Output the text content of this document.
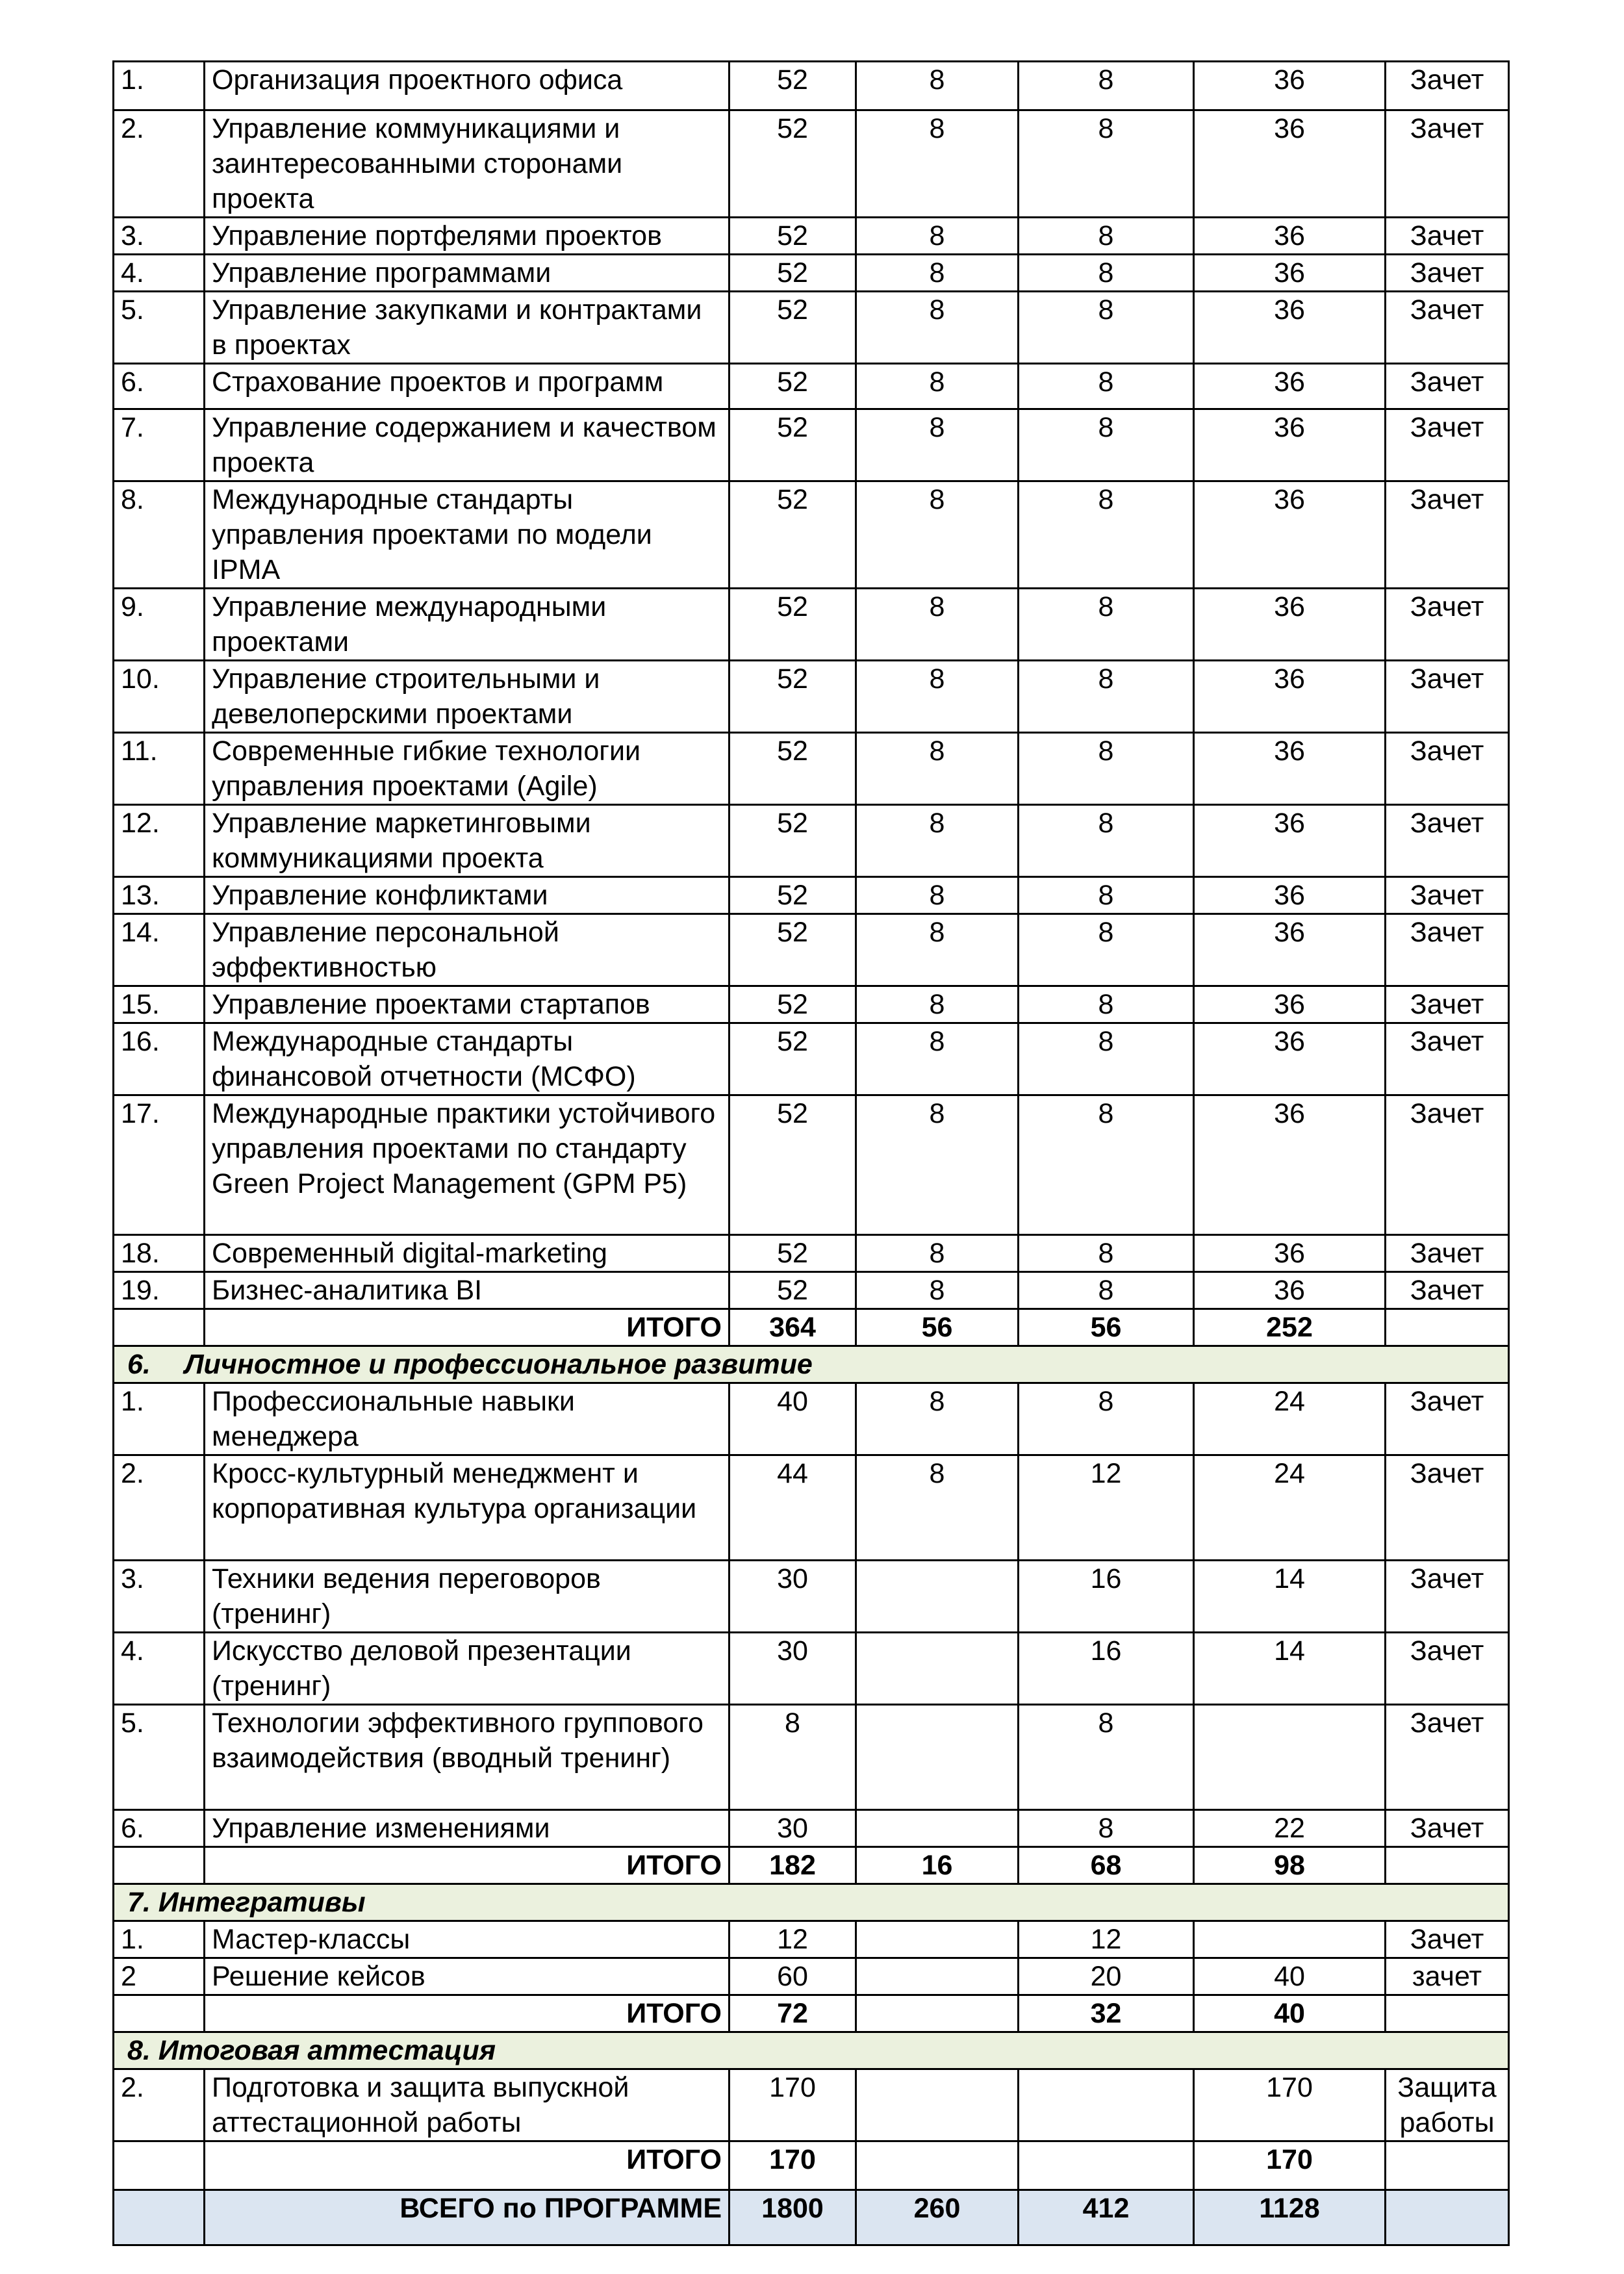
1.	Организация проектного офиса	52	8	8	36	Зачет
2.	Управление коммуникациями и заинтересованными сторонами проекта	52	8	8	36	Зачет
3.	Управление портфелями проектов	52	8	8	36	Зачет
4.	Управление программами	52	8	8	36	Зачет
5.	Управление закупками и контрактами в проектах	52	8	8	36	Зачет
6.	Страхование проектов и программ	52	8	8	36	Зачет
7.	Управление содержанием и качеством проекта	52	8	8	36	Зачет
8.	Международные стандарты управления проектами по модели IPMA	52	8	8	36	Зачет
9.	Управление международными проектами	52	8	8	36	Зачет
10.	Управление строительными и девелоперскими проектами	52	8	8	36	Зачет
11.	Современные гибкие технологии управления проектами (Agile)	52	8	8	36	Зачет
12.	Управление маркетинговыми коммуникациями проекта	52	8	8	36	Зачет
13.	Управление конфликтами	52	8	8	36	Зачет
14.	Управление персональной эффективностью	52	8	8	36	Зачет
15.	Управление проектами стартапов	52	8	8	36	Зачет
16.	Международные стандарты финансовой отчетности (МСФО)	52	8	8	36	Зачет
17.	Международные практики устойчивого управления проектами по стандарту Green Project Management (GPM P5)	52	8	8	36	Зачет
18.	Современный digital-marketing	52	8	8	36	Зачет
19.	Бизнес-аналитика BI	52	8	8	36	Зачет
	ИТОГО	364	56	56	252	
6. Личностное и профессиональное развитие						
1.	Профессиональные навыки менеджера	40	8	8	24	Зачет
2.	Кросс-культурный менеджмент и корпоративная культура организации	44	8	12	24	Зачет
3.	Техники ведения переговоров (тренинг)	30		16	14	Зачет
4.	Искусство деловой презентации (тренинг)	30		16	14	Зачет
5.	Технологии эффективного группового взаимодействия (вводный тренинг)	8		8		Зачет
6.	Управление изменениями	30		8	22	Зачет
	ИТОГО	182	16	68	98	
7. Интегративы						
1.	Мастер-классы	12		12		Зачет
2	Решение кейсов	60		20	40	зачет
	ИТОГО	72		32	40	
8. Итоговая аттестация						
2.	Подготовка и защита выпускной аттестационной работы	170			170	Защита работы
	ИТОГО	170			170	
	ВСЕГО по ПРОГРАММЕ	1800	260	412	1128	
